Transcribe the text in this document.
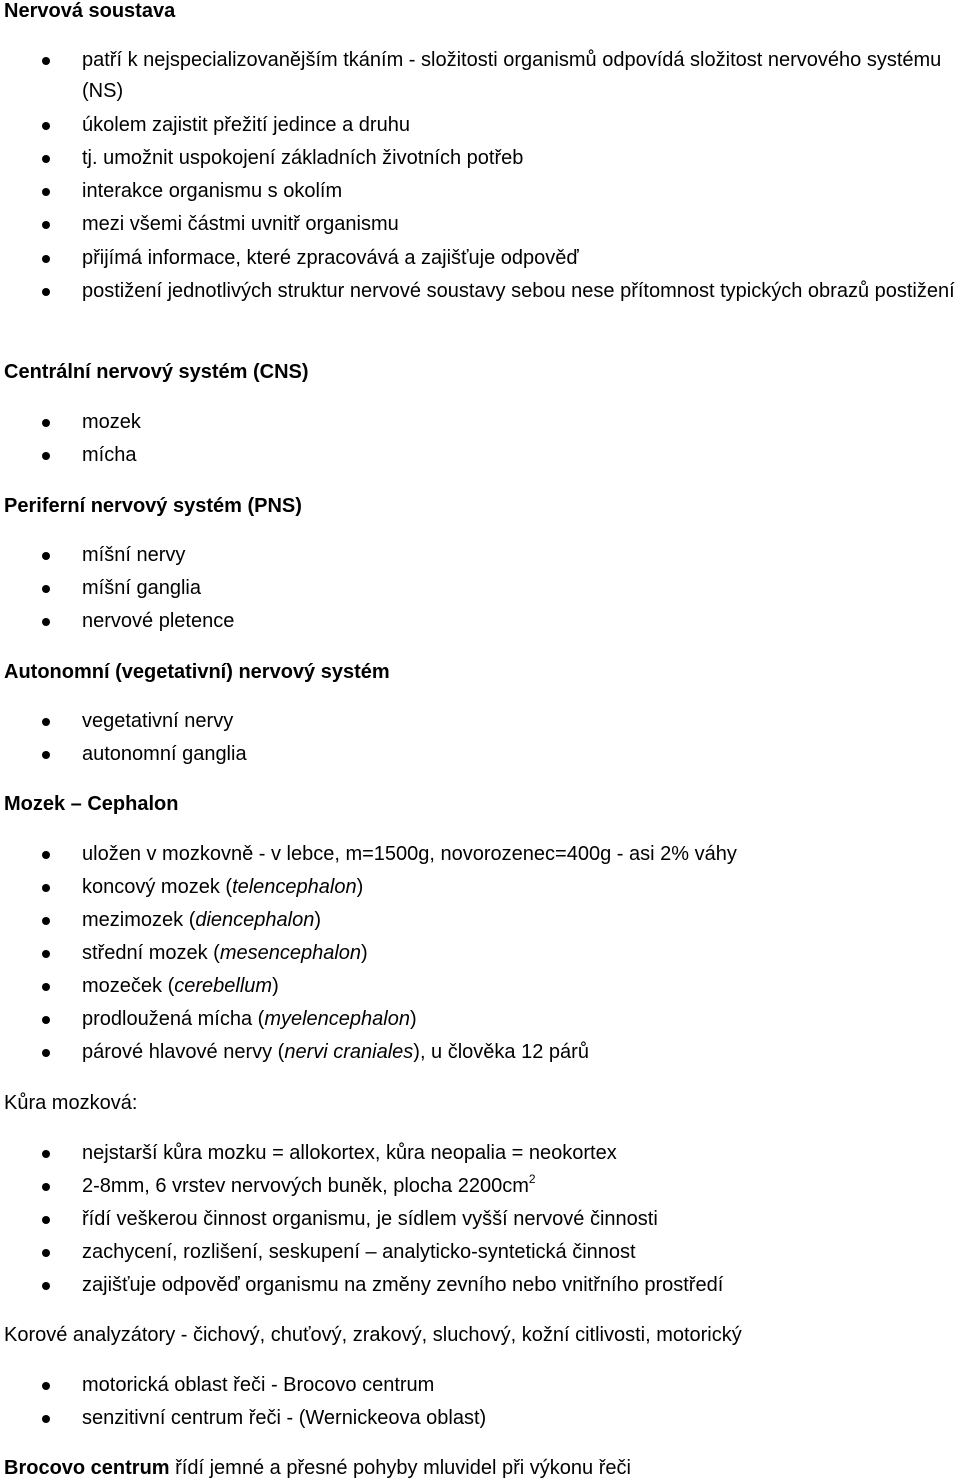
Nervová soustava
patří k nejspecializovanějším tkáním - složitosti organismů odpovídá složitost nervového systému (NS)
úkolem zajistit přežití jedince a druhu
tj. umožnit uspokojení základních životních potřeb
interakce organismu s okolím
mezi všemi částmi uvnitř organismu
přijímá informace, které zpracovává a zajišťuje odpověď
postižení jednotlivých struktur nervové soustavy sebou nese přítomnost typických obrazů postižení
Centrální nervový systém (CNS)
mozek
mícha
Periferní nervový systém (PNS)
míšní nervy
míšní ganglia
nervové pletence
Autonomní (vegetativní) nervový systém
vegetativní nervy
autonomní ganglia
Mozek – Cephalon
uložen v mozkovně - v lebce, m=1500g, novorozenec=400g - asi 2% váhy
koncový mozek (telencephalon)
mezimozek (diencephalon)
střední mozek (mesencephalon)
mozeček (cerebellum)
prodloužená mícha (myelencephalon)
párové hlavové nervy (nervi craniales), u člověka 12 párů

Kůra mozková:

nejstarší kůra mozku = allokortex, kůra neopalia = neokortex
2-8mm, 6 vrstev nervových buněk, plocha $2200cm^2$
řídí veškerou činnost organismu, je sídlem vyšší nervové činnosti
zachycení, rozlišení, seskupení – analyticko-syntetická činnost
zajišťuje odpověď organismu na změny zevního nebo vnitřního prostředí

Korové analyzátory - čichový, chuťový, zrakový, sluchový, kožní citlivosti, motorický

motorická oblast řeči - Brocovo centrum
senzitivní centrum řeči - (Wernickeova oblast)

Brocovo centrum řídí jemné a přesné pohyby mluvidel při výkonu řeči
